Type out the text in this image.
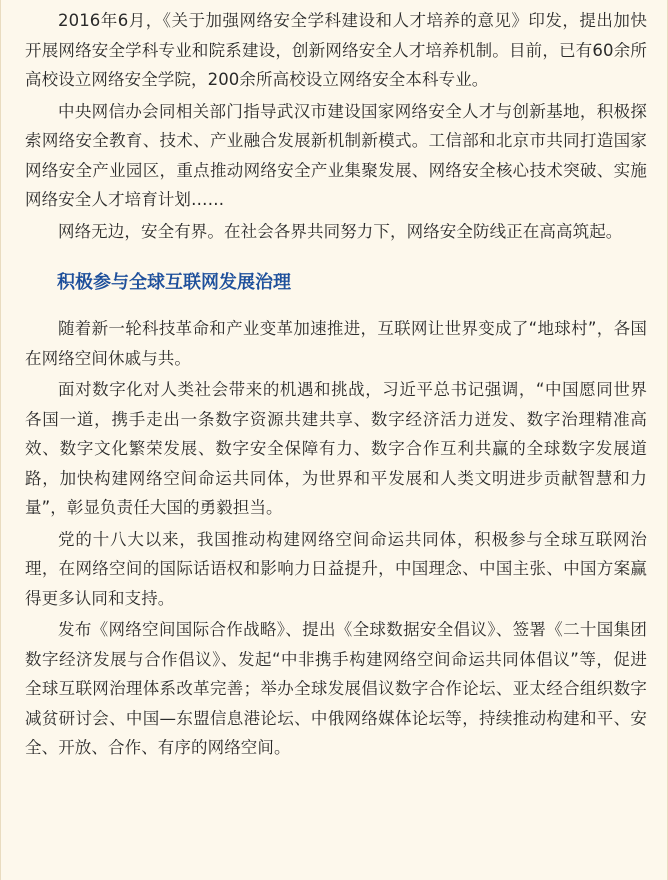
2016年6月，《关于加强网络安全学科建设和人才培养的意见》印发，提出加快开展网络安全学科专业和院系建设，创新网络安全人才培养机制。目前，已有60余所高校设立网络安全学院，200余所高校设立网络安全本科专业。

中央网信办会同相关部门指导武汉市建设国家网络安全人才与创新基地，积极探索网络安全教育、技术、产业融合发展新机制新模式。工信部和北京市共同打造国家网络安全产业园区，重点推动网络安全产业集聚发展、网络安全核心技术突破、实施网络安全人才培育计划……

网络无边，安全有界。在社会各界共同努力下，网络安全防线正在高高筑起。

积极参与全球互联网发展治理

随着新一轮科技革命和产业变革加速推进，互联网让世界变成了“地球村”，各国在网络空间休戚与共。

面对数字化对人类社会带来的机遇和挑战，习近平总书记强调，“中国愿同世界各国一道，携手走出一条数字资源共建共享、数字经济活力迸发、数字治理精准高效、数字文化繁荣发展、数字安全保障有力、数字合作互利共赢的全球数字发展道路，加快构建网络空间命运共同体，为世界和平发展和人类文明进步贡献智慧和力量”，彰显负责任大国的勇毅担当。

党的十八大以来，我国推动构建网络空间命运共同体，积极参与全球互联网治理，在网络空间的国际话语权和影响力日益提升，中国理念、中国主张、中国方案赢得更多认同和支持。

发布《网络空间国际合作战略》、提出《全球数据安全倡议》、签署《二十国集团数字经济发展与合作倡议》、发起“中非携手构建网络空间命运共同体倡议”等，促进全球互联网治理体系改革完善；举办全球发展倡议数字合作论坛、亚太经合组织数字减贫研讨会、中国—东盟信息港论坛、中俄网络媒体论坛等，持续推动构建和平、安全、开放、合作、有序的网络空间。
